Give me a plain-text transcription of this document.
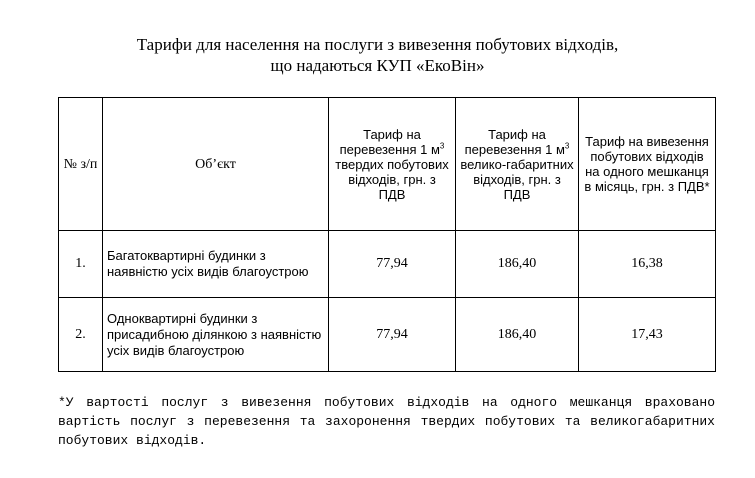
Тарифи для населення на послуги з вивезення побутових відходів,
що надаються КУП «ЕкоВін»
№ з/п	Об’єкт	Тариф на перевезення 1 $м^3$ твердих побутових відходів, грн. з ПДВ	Тариф на перевезення 1 $м^3$ велико-габаритних відходів, грн. з ПДВ	Тариф на вивезення побутових відходів на одного мешканця в місяць, грн. з ПДВ*
1.	Багатоквартирні будинки з наявністю усіх видів благоустрою	77,94	186,40	16,38
2.	Одноквартирні будинки з присадибною ділянкою з наявністю усіх видів благоустрою	77,94	186,40	17,43
*У вартості послуг з вивезення побутових відходів на одного мешканця враховано вартість послуг з перевезення та захоронення твердих побутових та великогабаритних побутових відходів.
